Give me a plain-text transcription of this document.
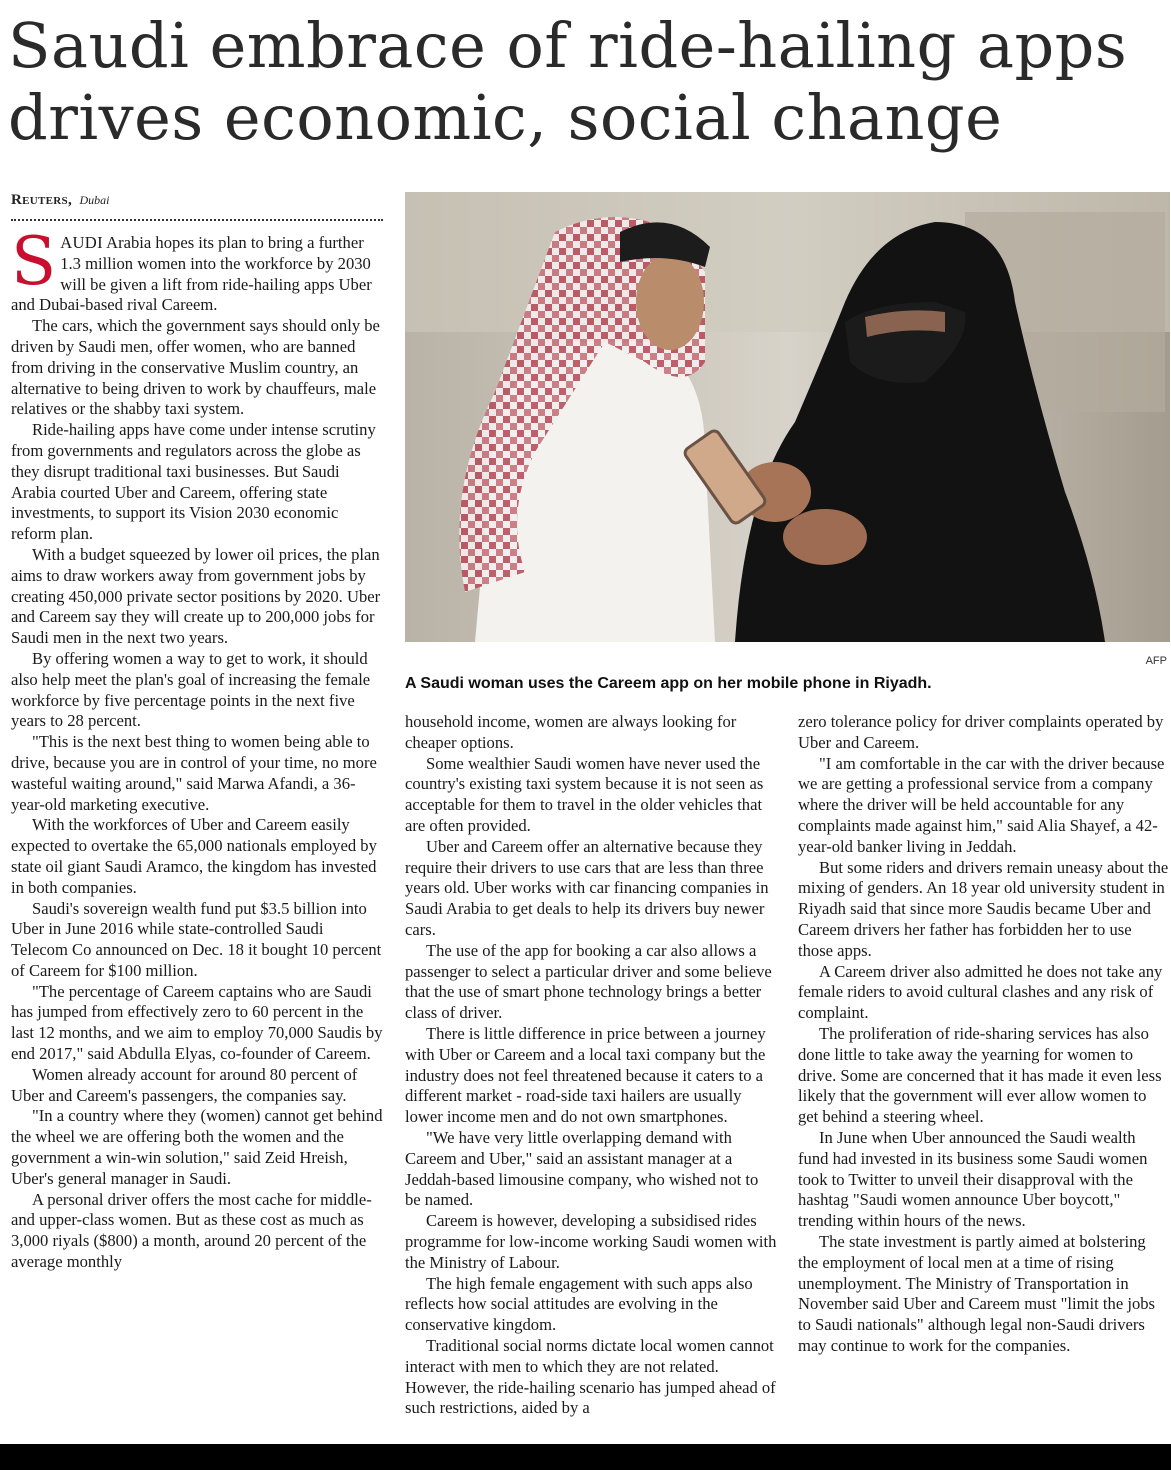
Saudi embrace of ride-hailing apps drives economic, social change
Reuters, Dubai

SAUDI Arabia hopes its plan to bring a further 1.3 million women into the workforce by 2030 will be given a lift from ride-hailing apps Uber and Dubai-based rival Careem.

The cars, which the government says should only be driven by Saudi men, offer women, who are banned from driving in the conservative Muslim country, an alternative to being driven to work by chauffeurs, male relatives or the shabby taxi system.

Ride-hailing apps have come under intense scrutiny from governments and regulators across the globe as they disrupt traditional taxi businesses. But Saudi Arabia courted Uber and Careem, offering state investments, to support its Vision 2030 economic reform plan.

With a budget squeezed by lower oil prices, the plan aims to draw workers away from government jobs by creating 450,000 private sector positions by 2020. Uber and Careem say they will create up to 200,000 jobs for Saudi men in the next two years.

By offering women a way to get to work, it should also help meet the plan's goal of increasing the female workforce by five percentage points in the next five years to 28 percent.

"This is the next best thing to women being able to drive, because you are in control of your time, no more wasteful waiting around," said Marwa Afandi, a 36-year-old marketing executive.

With the workforces of Uber and Careem easily expected to overtake the 65,000 nationals employed by state oil giant Saudi Aramco, the kingdom has invested in both companies.

Saudi's sovereign wealth fund put $3.5 billion into Uber in June 2016 while state-controlled Saudi Telecom Co announced on Dec. 18 it bought 10 percent of Careem for $100 million.

"The percentage of Careem captains who are Saudi has jumped from effectively zero to 60 percent in the last 12 months, and we aim to employ 70,000 Saudis by end 2017," said Abdulla Elyas, co-founder of Careem.

Women already account for around 80 percent of Uber and Careem's passengers, the companies say.

"In a country where they (women) cannot get behind the wheel we are offering both the women and the government a win-win solution," said Zeid Hreish, Uber's general manager in Saudi.

A personal driver offers the most cache for middle- and upper-class women. But as these cost as much as 3,000 riyals ($800) a month, around 20 percent of the average monthly

AFP
A Saudi woman uses the Careem app on her mobile phone in Riyadh.

household income, women are always looking for cheaper options.

Some wealthier Saudi women have never used the country's existing taxi system because it is not seen as acceptable for them to travel in the older vehicles that are often provided.

Uber and Careem offer an alternative because they require their drivers to use cars that are less than three years old. Uber works with car financing companies in Saudi Arabia to get deals to help its drivers buy newer cars.

The use of the app for booking a car also allows a passenger to select a particular driver and some believe that the use of smart phone technology brings a better class of driver.

There is little difference in price between a journey with Uber or Careem and a local taxi company but the industry does not feel threatened because it caters to a different market - road-side taxi hailers are usually lower income men and do not own smartphones.

"We have very little overlapping demand with Careem and Uber," said an assistant manager at a Jeddah-based limousine company, who wished not to be named.

Careem is however, developing a subsidised rides programme for low-income working Saudi women with the Ministry of Labour.

The high female engagement with such apps also reflects how social attitudes are evolving in the conservative kingdom.

Traditional social norms dictate local women cannot interact with men to which they are not related. However, the ride-hailing scenario has jumped ahead of such restrictions, aided by a

zero tolerance policy for driver complaints operated by Uber and Careem.

"I am comfortable in the car with the driver because we are getting a professional service from a company where the driver will be held accountable for any complaints made against him," said Alia Shayef, a 42-year-old banker living in Jeddah.

But some riders and drivers remain uneasy about the mixing of genders. An 18 year old university student in Riyadh said that since more Saudis became Uber and Careem drivers her father has forbidden her to use those apps.

A Careem driver also admitted he does not take any female riders to avoid cultural clashes and any risk of complaint.

The proliferation of ride-sharing services has also done little to take away the yearning for women to drive. Some are concerned that it has made it even less likely that the government will ever allow women to get behind a steering wheel.

In June when Uber announced the Saudi wealth fund had invested in its business some Saudi women took to Twitter to unveil their disapproval with the hashtag "Saudi women announce Uber boycott," trending within hours of the news.

The state investment is partly aimed at bolstering the employment of local men at a time of rising unemployment. The Ministry of Transportation in November said Uber and Careem must "limit the jobs to Saudi nationals" although legal non-Saudi drivers may continue to work for the companies.
